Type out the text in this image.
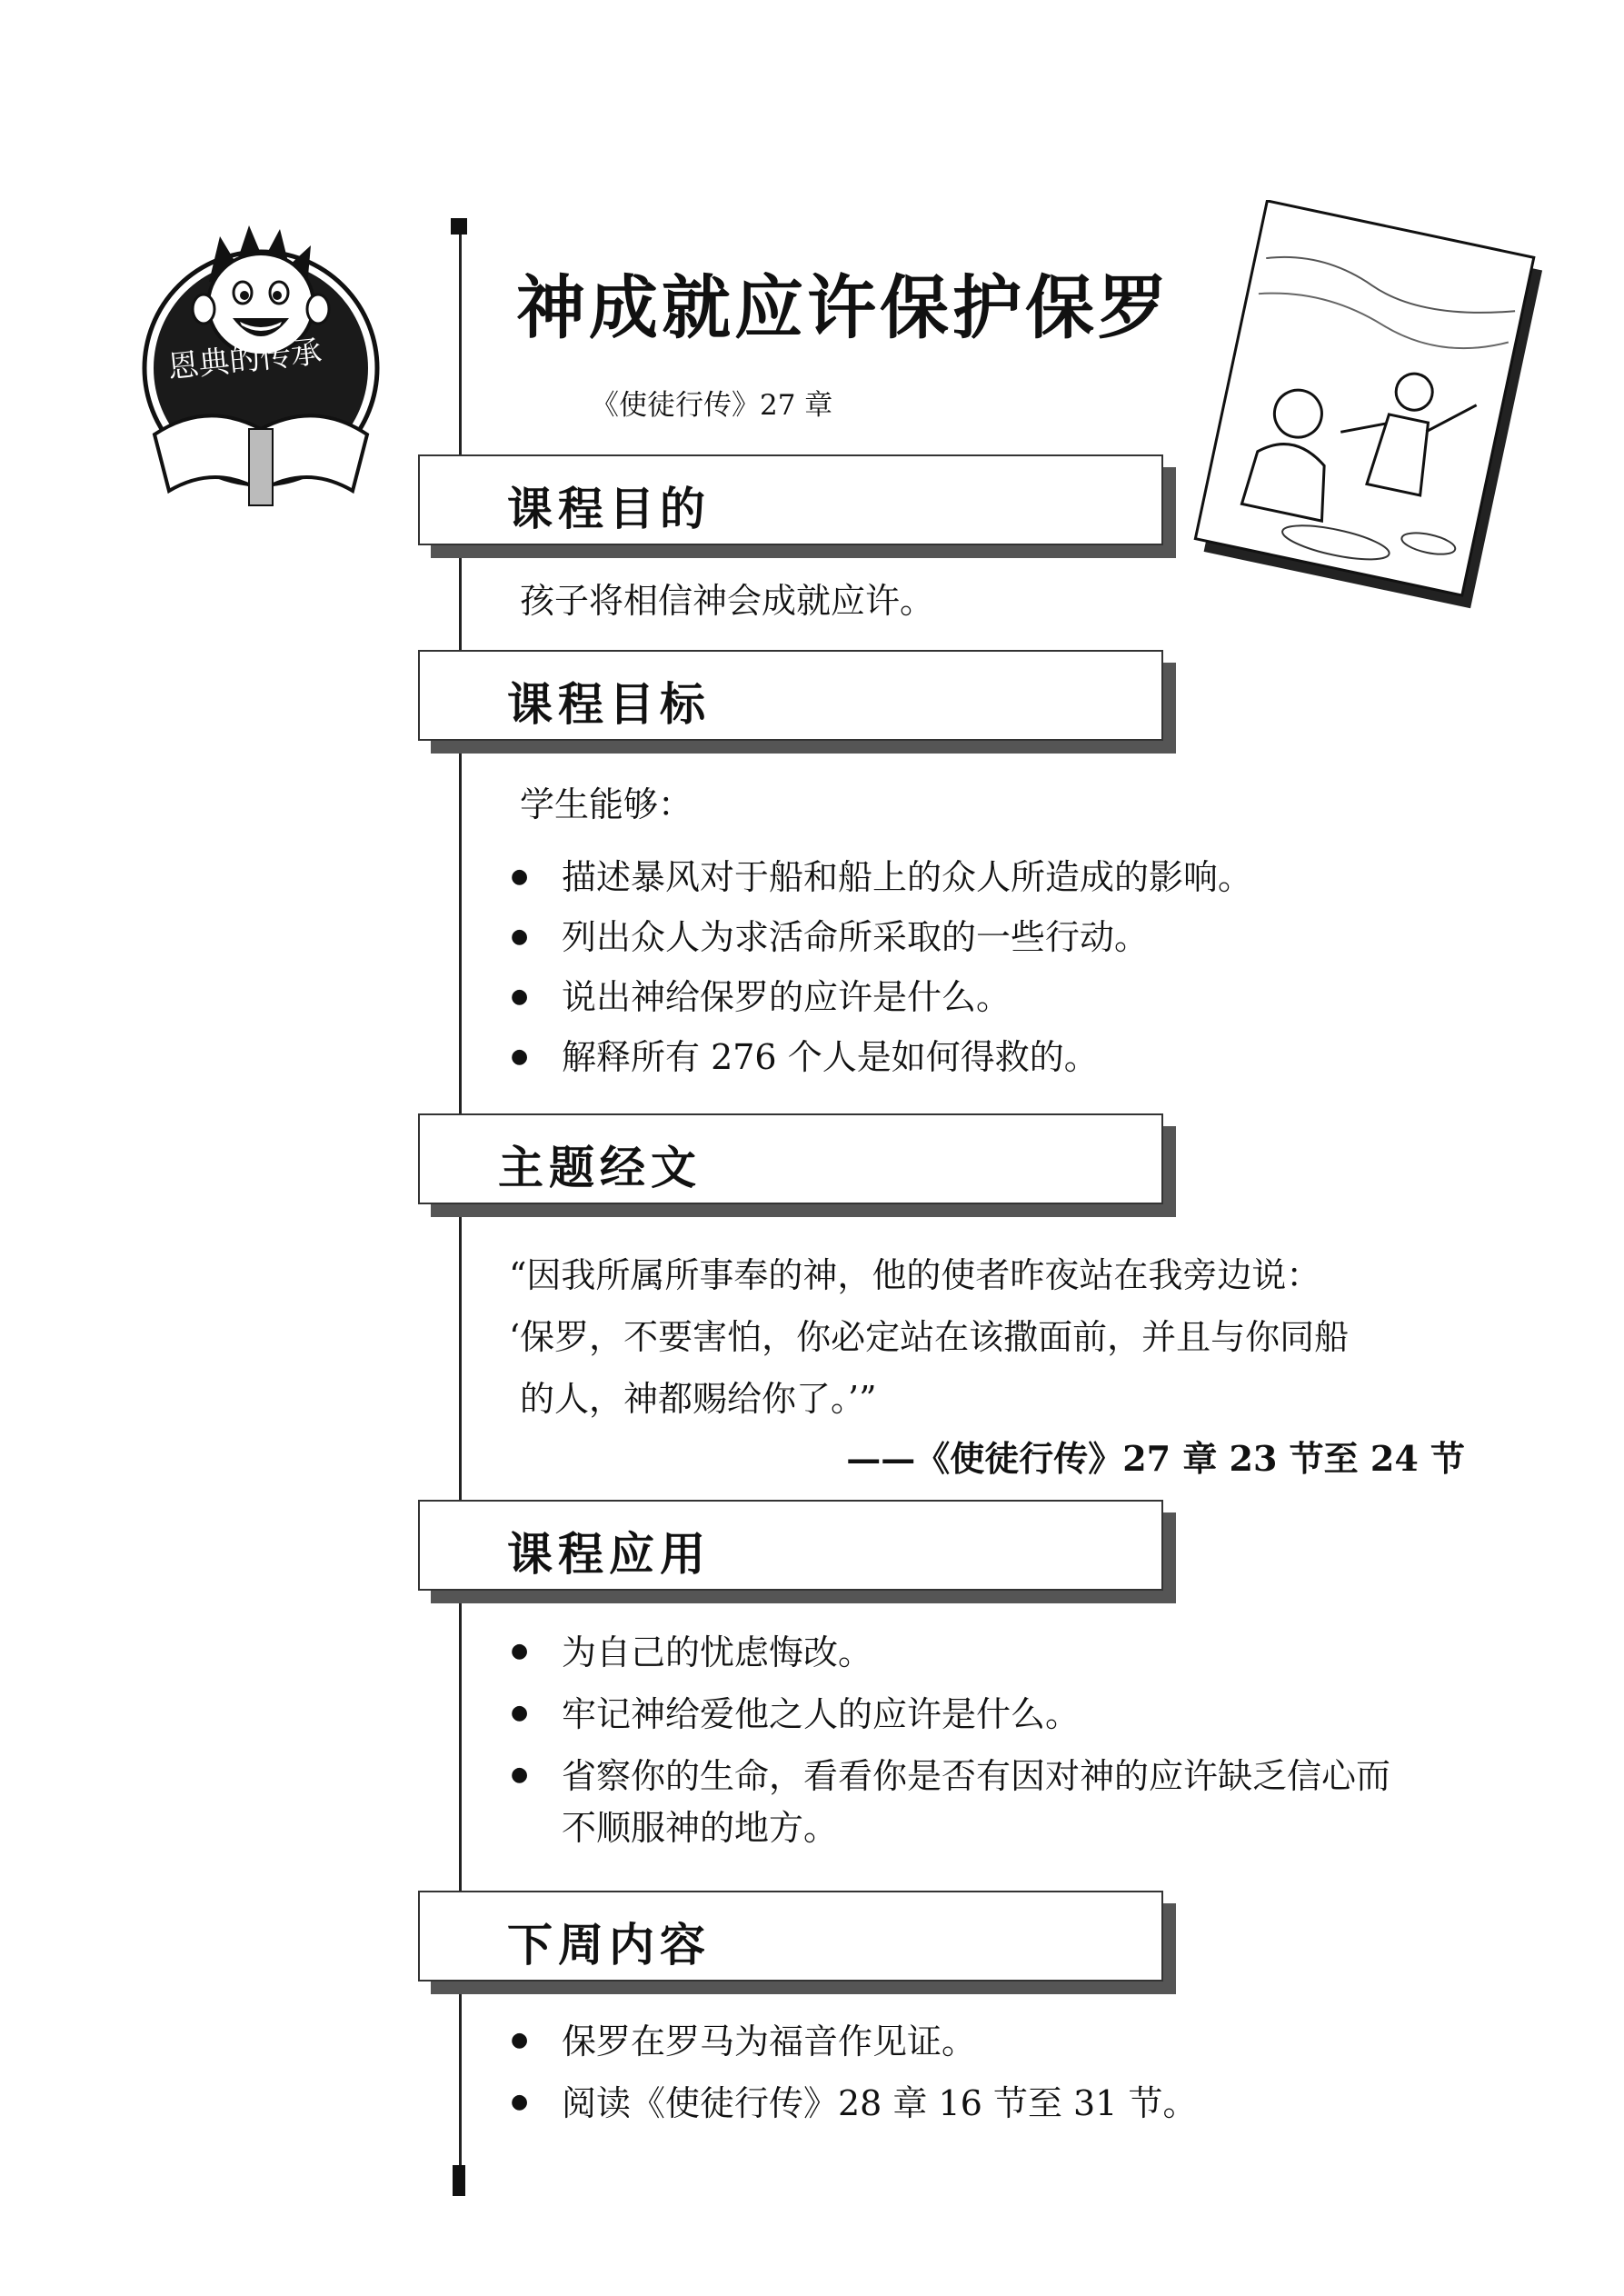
恩典的传承
神成就应许保护保罗
《使徒行传》27 章
课程目的
孩子将相信神会成就应许。
课程目标
学生能够：
● 描述暴风对于船和船上的众人所造成的影响。
● 列出众人为求活命所采取的一些行动。
● 说出神给保罗的应许是什么。
● 解释所有 276 个人是如何得救的。
主题经文
“因我所属所事奉的神，他的使者昨夜站在我旁边说：
‘保罗，不要害怕，你必定站在该撒面前，并且与你同船
的人，神都赐给你了。’”
——《使徒行传》27 章 23 节至 24 节
课程应用
● 为自己的忧虑悔改。
● 牢记神给爱他之人的应许是什么。
● 省察你的生命，看看你是否有因对神的应许缺乏信心而
不顺服神的地方。
下周内容
● 保罗在罗马为福音作见证。
● 阅读《使徒行传》28 章 16 节至 31 节。
